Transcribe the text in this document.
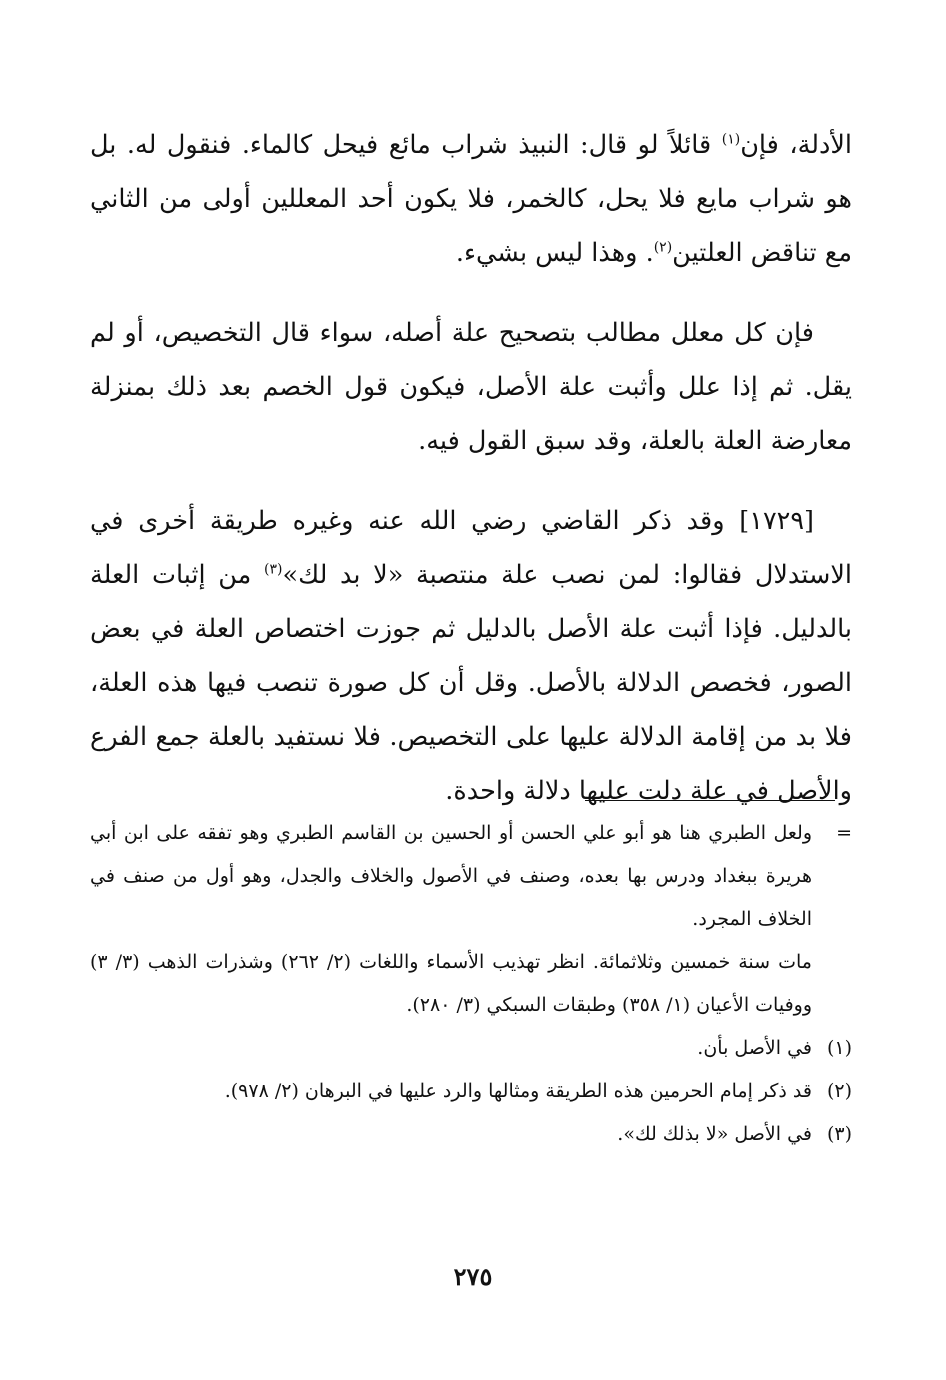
الأدلة، فإن$^{(١)}$ قائلاً لو قال: النبيذ شراب مائع فيحل كالماء. فنقول له. بل هو شراب مايع فلا يحل، كالخمر، فلا يكون أحد المعللين أولى من الثاني مع تناقض العلتين$^{(٢)}$. وهذا ليس بشيء.

فإن كل معلل مطالب بتصحيح علة أصله، سواء قال التخصيص، أو لم يقل. ثم إذا علل وأثبت علة الأصل، فيكون قول الخصم بعد ذلك بمنزلة معارضة العلة بالعلة، وقد سبق القول فيه.

[١٧٢٩] وقد ذكر القاضي رضي الله عنه وغيره طريقة أخرى في الاستدلال فقالوا: لمن نصب علة منتصبة «لا بد لك»$^{(٣)}$ من إثبات العلة بالدليل. فإذا أثبت علة الأصل بالدليل ثم جوزت اختصاص العلة في بعض الصور، فخصص الدلالة بالأصل. وقل أن كل صورة تنصب فيها هذه العلة، فلا بد من إقامة الدلالة عليها على التخصيص. فلا نستفيد بالعلة جمع الفرع والأصل في علة دلت عليها دلالة واحدة.

=
ولعل الطبري هنا هو أبو علي الحسن أو الحسين بن القاسم الطبري وهو تفقه على ابن أبي هريرة ببغداد ودرس بها بعده، وصنف في الأصول والخلاف والجدل، وهو أول من صنف في الخلاف المجرد.
مات سنة خمسين وثلاثمائة. انظر تهذيب الأسماء واللغات (٢/ ٢٦٢) وشذرات الذهب (٣/ ٣) ووفيات الأعيان (١/ ٣٥٨) وطبقات السبكي (٣/ ٢٨٠).
(١)
في الأصل بأن.
(٢)
قد ذكر إمام الحرمين هذه الطريقة ومثالها والرد عليها في البرهان (٢/ ٩٧٨).
(٣)
في الأصل «لا بذلك لك».
٢٧٥
